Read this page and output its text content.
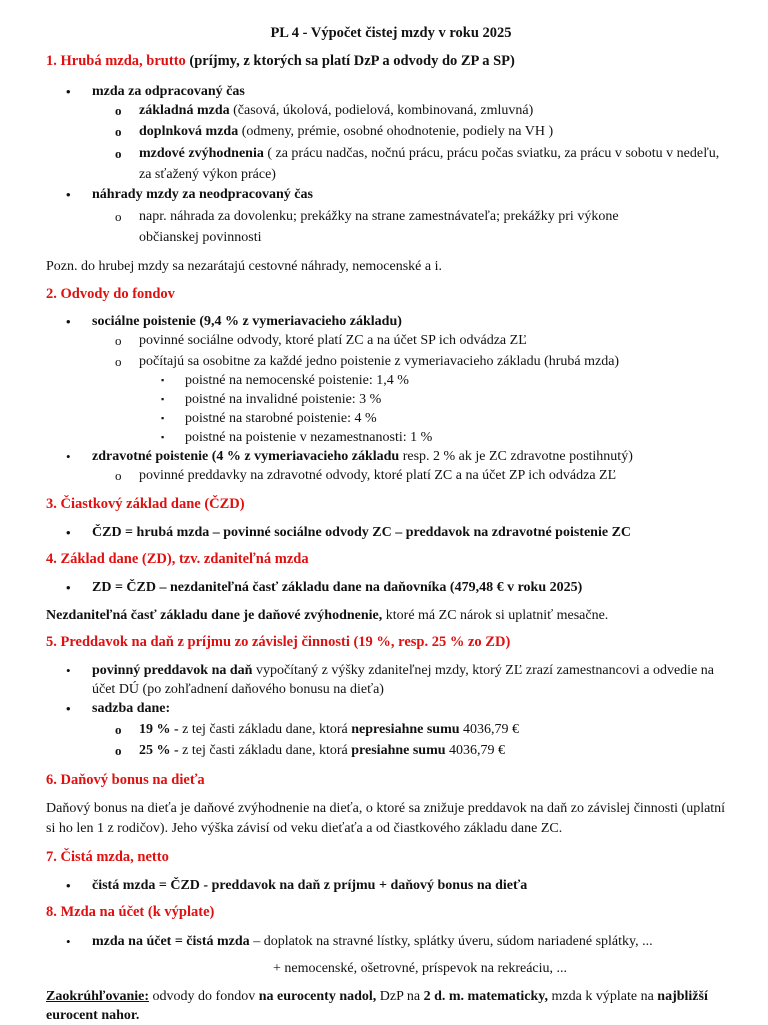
PL 4 - Výpočet čistej mzdy v roku 2025

1. Hrubá mzda, brutto (príjmy, z ktorých sa platí DzP a odvody do ZP a SP)

• mzda za odpracovaný čas
o základná mzda (časová, úkolová, podielová, kombinovaná, zmluvná)
o doplnková mzda (odmeny, prémie, osobné ohodnotenie, podiely na VH )
o mzdové zvýhodnenia ( za prácu nadčas, nočnú prácu, prácu počas sviatku, za prácu v sobotu v nedeľu, za sťažený výkon práce)
• náhrady mzdy za neodpracovaný čas
o napr. náhrada za dovolenku; prekážky na strane zamestnávateľa; prekážky pri výkone občianskej povinnosti

Pozn. do hrubej mzdy sa nezarátajú cestovné náhrady, nemocenské a i.

2. Odvody do fondov

• sociálne poistenie (9,4 % z vymeriavacieho základu)
o povinné sociálne odvody, ktoré platí ZC a na účet SP ich odvádza ZĽ
o počítajú sa osobitne za každé jedno poistenie z vymeriavacieho základu (hrubá mzda)
▪ poistné na nemocenské poistenie: 1,4 %
▪ poistné na invalidné poistenie: 3 %
▪ poistné na starobné poistenie: 4 %
▪ poistné na poistenie v nezamestnanosti: 1 %
• zdravotné poistenie (4 % z vymeriavacieho základu resp. 2 % ak je ZC zdravotne postihnutý)
o povinné preddavky na zdravotné odvody, ktoré platí ZC a na účet ZP ich odvádza ZĽ

3. Čiastkový základ dane (ČZD)

• ČZD = hrubá mzda – povinné sociálne odvody ZC – preddavok na zdravotné poistenie ZC

4. Základ dane (ZD), tzv. zdaniteľná mzda

• ZD = ČZD – nezdaniteľná časť základu dane na daňovníka (479,48 € v roku 2025)

Nezdaniteľná časť základu dane je daňové zvýhodnenie, ktoré má ZC nárok si uplatniť mesačne.

5. Preddavok na daň z príjmu zo závislej činnosti (19 %, resp. 25 % zo ZD)

• povinný preddavok na daň vypočítaný z výšky zdaniteľnej mzdy, ktorý ZĽ zrazí zamestnancovi a odvedie na účet DÚ (po zohľadnení daňového bonusu na dieťa)
• sadzba dane:
o 19 % - z tej časti základu dane, ktorá nepresiahne sumu 4036,79 €
o 25 % - z tej časti základu dane, ktorá presiahne sumu 4036,79 €

6. Daňový bonus na dieťa

Daňový bonus na dieťa je daňové zvýhodnenie na dieťa, o ktoré sa znižuje preddavok na daň zo závislej činnosti (uplatní si ho len 1 z rodičov). Jeho výška závisí od veku dieťaťa a od čiastkového základu dane ZC.

7. Čistá mzda, netto

• čistá mzda = ČZD - preddavok na daň z príjmu + daňový bonus na dieťa

8. Mzda na účet (k výplate)

• mzda na účet = čistá mzda – doplatok na stravné lístky, splátky úveru, súdom nariadené splátky, ...

+ nemocenské, ošetrovné, príspevok na rekreáciu, ...

Zaokrúhľovanie: odvody do fondov na eurocenty nadol, DzP na 2 d. m. matematicky, mzda k výplate na najbližší eurocent nahor.
